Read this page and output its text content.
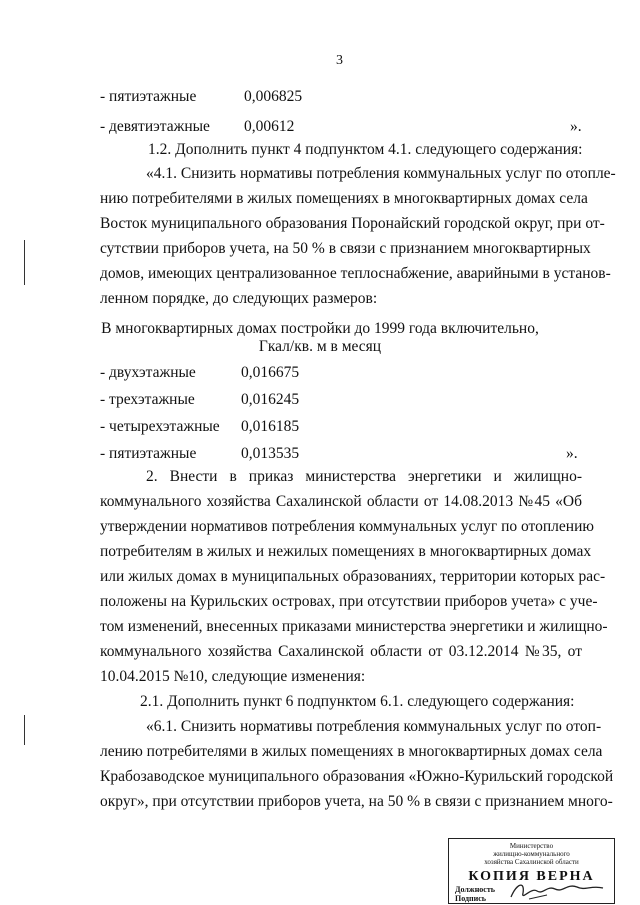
3
- пятиэтажные	0,006825
- девятиэтажные 0,00612	».
1.2. Дополнить пункт 4 подпунктом 4.1. следующего содержания:
«4.1. Снизить нормативы потребления коммунальных услуг по отопле-
нию потребителями в жилых помещениях в многоквартирных домах села
Восток муниципального образования Поронайский городской округ, при от-
сутствии приборов учета, на 50 % в связи с признанием многоквартирных
домов, имеющих централизованное теплоснабжение, аварийными в установ-
ленном порядке, до следующих размеров:
В многоквартирных домах постройки до 1999 года включительно,
Гкал/кв. м в месяц
- двухэтажные	0,016675
- трехэтажные	0,016245
- четырехэтажные 0,016185
- пятиэтажные	0,013535	».
2. Внести в приказ министерства энергетики и жилищно-
коммунального хозяйства Сахалинской области от 14.08.2013 №45 «Об
утверждении нормативов потребления коммунальных услуг по отоплению
потребителям в жилых и нежилых помещениях в многоквартирных домах
или жилых домах в муниципальных образованиях, территории которых рас-
положены на Курильских островах, при отсутствии приборов учета» с уче-
том изменений, внесенных приказами министерства энергетики и жилищно-
коммунального хозяйства Сахалинской области от 03.12.2014 №35, от
10.04.2015 №10, следующие изменения:
2.1. Дополнить пункт 6 подпунктом 6.1. следующего содержания:
«6.1. Снизить нормативы потребления коммунальных услуг по отоп-
лению потребителями в жилых помещениях в многоквартирных домах села
Крабозаводское муниципального образования «Южно-Курильский городской
округ», при отсутствии приборов учета, на 50 % в связи с признанием много-
Министерство
жилищно-коммунального
хозяйства Сахалинской области
КОПИЯ ВЕРНА
Должность
Подпись
